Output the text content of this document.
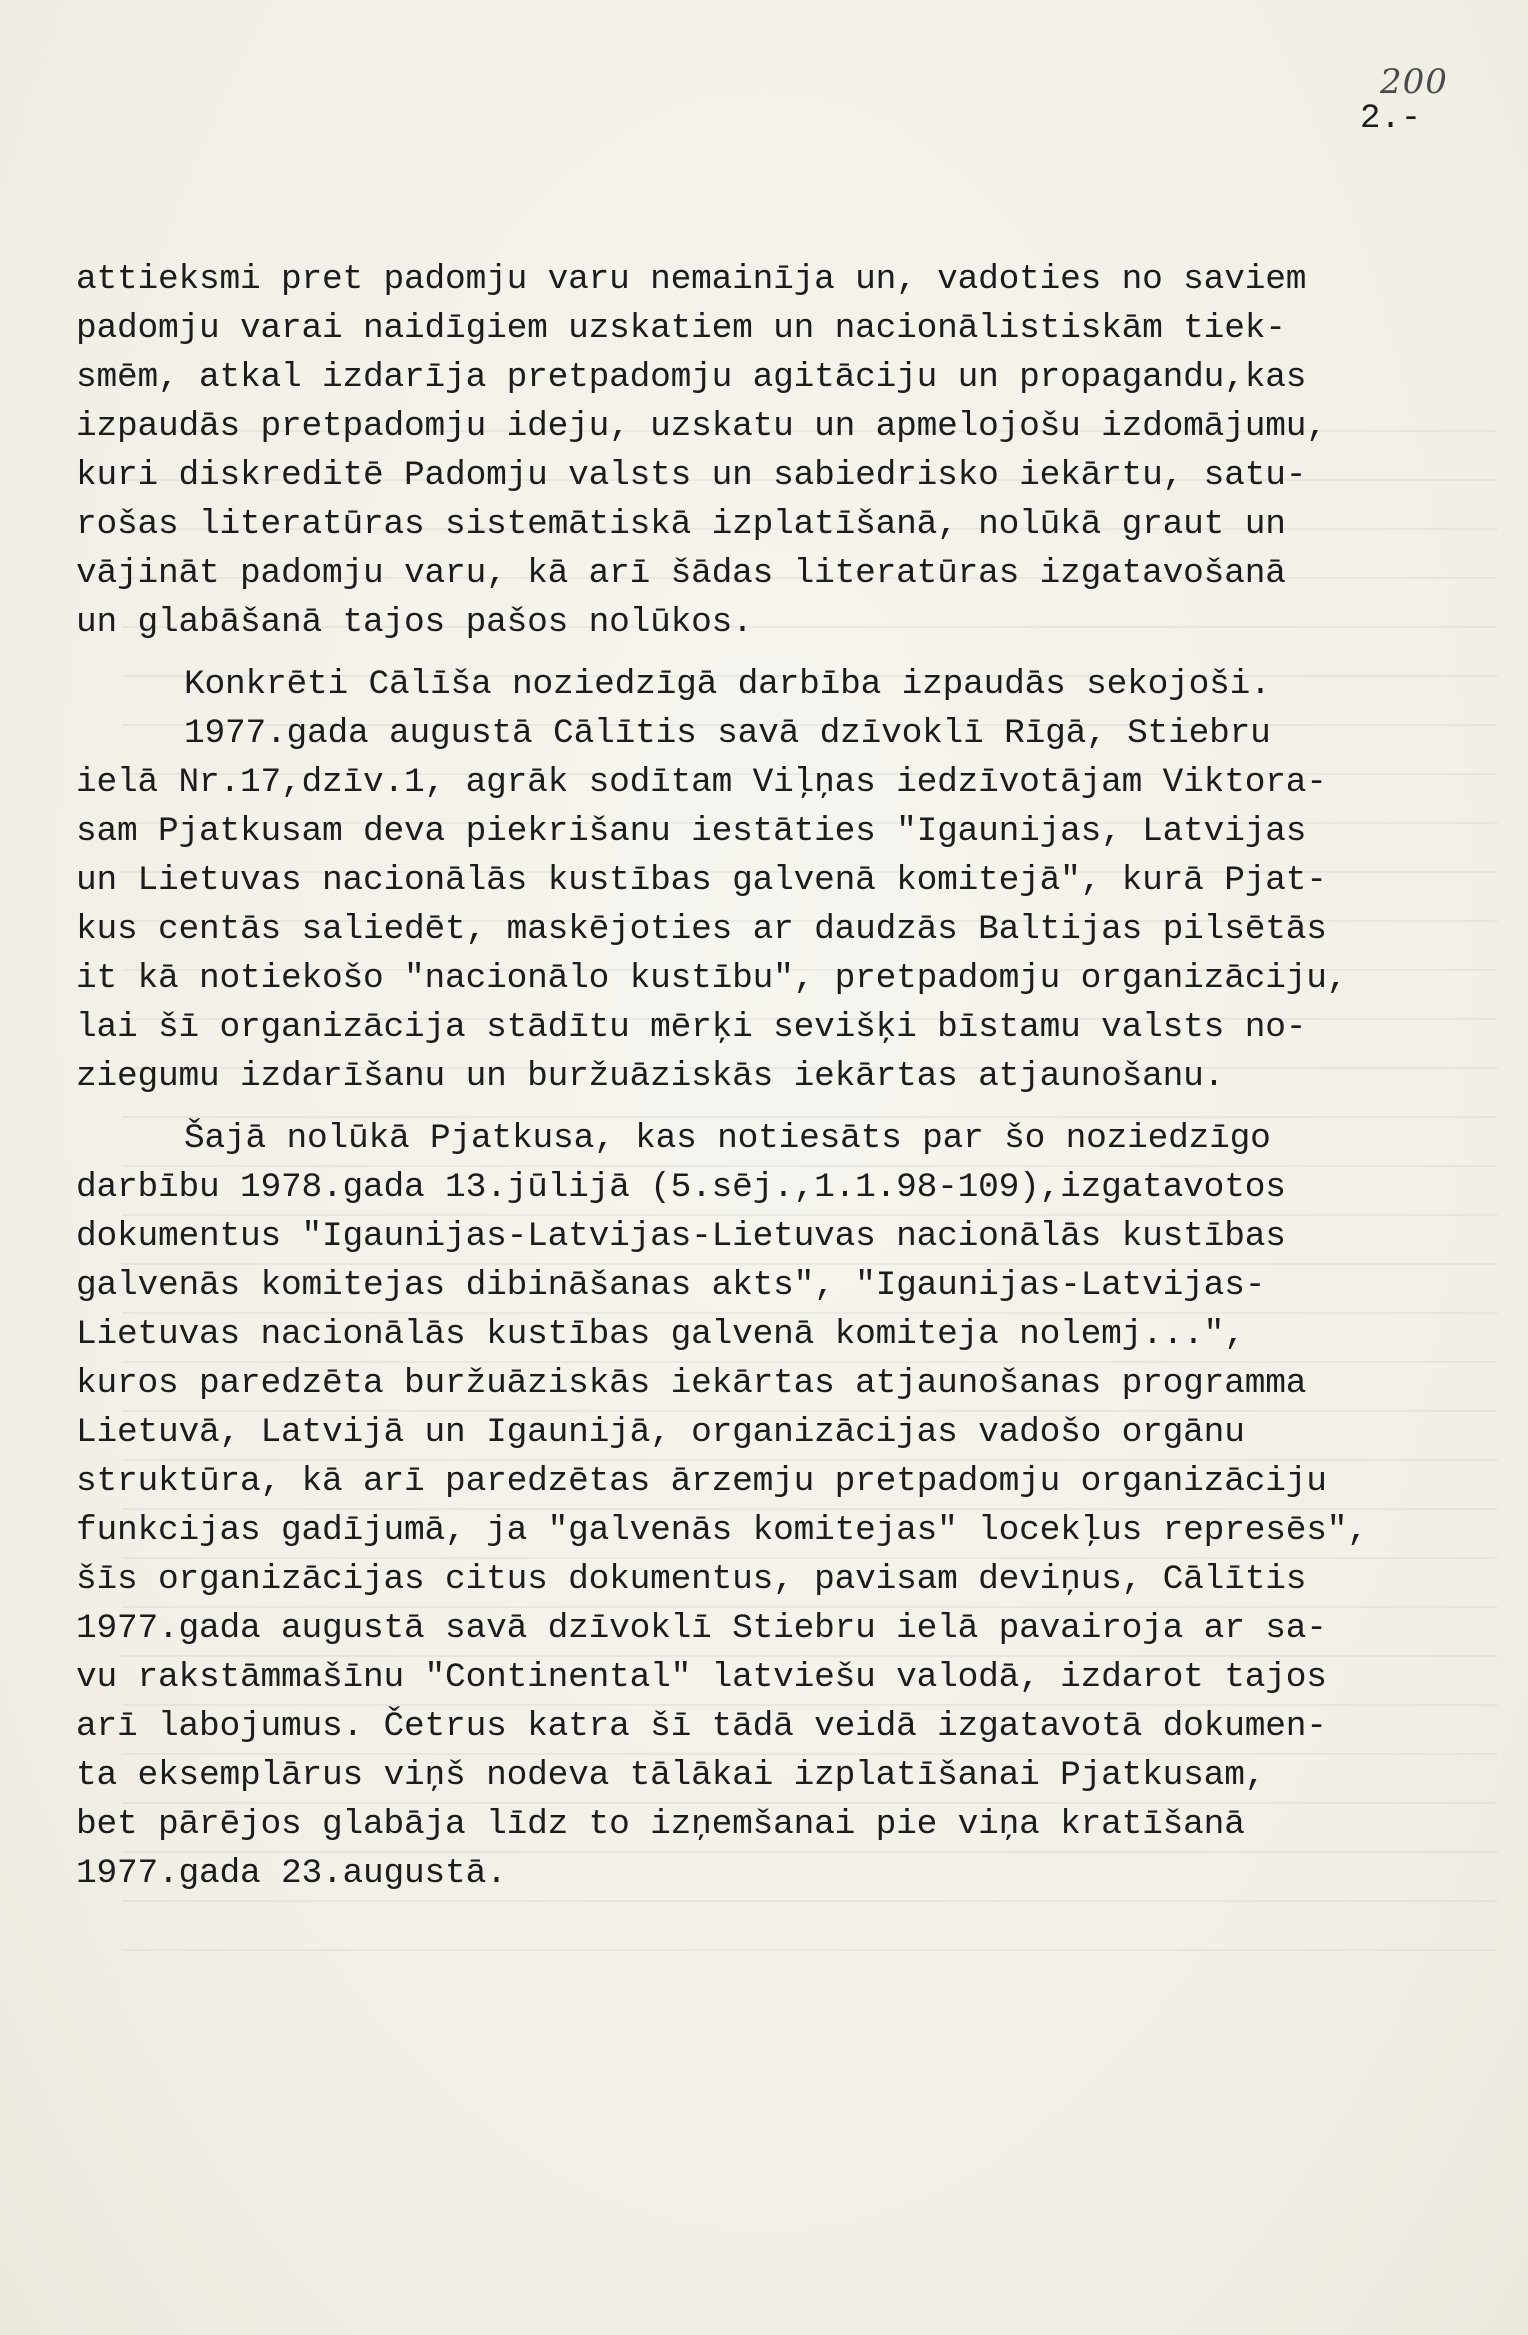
200
2.-
attieksmi pret padomju varu nemainīja un, vadoties no saviem
padomju varai naidīgiem uzskatiem un nacionālistiskām tiek-
smēm, atkal izdarīja pretpadomju agitāciju un propagandu,kas
izpaudās pretpadomju ideju, uzskatu un apmelojošu izdomājumu,
kuri diskreditē Padomju valsts un sabiedrisko iekārtu, satu-
rošas literatūras sistemātiskā izplatīšanā, nolūkā graut un
vājināt padomju varu, kā arī šādas literatūras izgatavošanā
un glabāšanā tajos pašos nolūkos.
Konkrēti Cālīša noziedzīgā darbība izpaudās sekojoši.
1977.gada augustā Cālītis savā dzīvoklī Rīgā, Stiebru
ielā Nr.17,dzīv.1, agrāk sodītam Viļņas iedzīvotājam Viktora-
sam Pjatkusam deva piekrišanu iestāties "Igaunijas, Latvijas
un Lietuvas nacionālās kustības galvenā komitejā", kurā Pjat-
kus centās saliedēt, maskējoties ar daudzās Baltijas pilsētās
it kā notiekošo "nacionālo kustību", pretpadomju organizāciju,
lai šī organizācija stādītu mērķi sevišķi bīstamu valsts no-
ziegumu izdarīšanu un buržuāziskās iekārtas atjaunošanu.
Šajā nolūkā Pjatkusa, kas notiesāts par šo noziedzīgo
darbību 1978.gada 13.jūlijā (5.sēj.,1.1.98-109),izgatavotos
dokumentus "Igaunijas-Latvijas-Lietuvas nacionālās kustības
galvenās komitejas dibināšanas akts", "Igaunijas-Latvijas-
Lietuvas nacionālās kustības galvenā komiteja nolemj...",
kuros paredzēta buržuāziskās iekārtas atjaunošanas programma
Lietuvā, Latvijā un Igaunijā, organizācijas vadošo orgānu
struktūra, kā arī paredzētas ārzemju pretpadomju organizāciju
funkcijas gadījumā, ja "galvenās komitejas" locekļus represēs",
šīs organizācijas citus dokumentus, pavisam deviņus, Cālītis
1977.gada augustā savā dzīvoklī Stiebru ielā pavairoja ar sa-
vu rakstāmmašīnu "Continental" latviešu valodā, izdarot tajos
arī labojumus. Četrus katra šī tādā veidā izgatavotā dokumen-
ta eksemplārus viņš nodeva tālākai izplatīšanai Pjatkusam,
bet pārējos glabāja līdz to izņemšanai pie viņa kratīšanā
1977.gada 23.augustā.
